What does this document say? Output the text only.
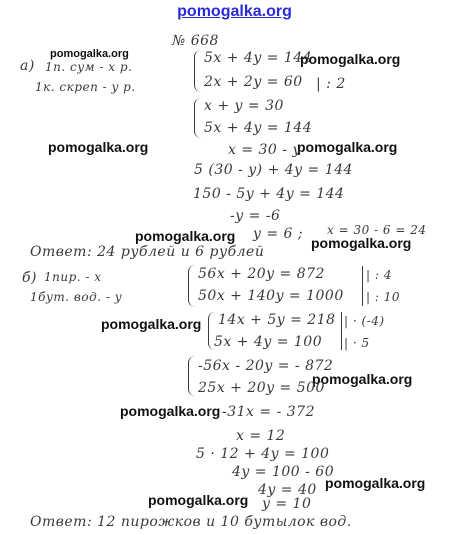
pomogalka.org
pomogalka.org	pomogalka.org
pomogalka.org	pomogalka.org
pomogalka.org	pomogalka.org
pomogalka.org
pomogalka.org
pomogalka.org
pomogalka.org
pomogalka.org
№ 668
а) 1п. сум - x р.
1к. скреп - y р.
5x + 4y = 144
2x + 2y = 60 | : 2
x + y = 30
5x + 4y = 144
x = 30 - y
5 (30 - y) + 4y = 144
150 - 5y + 4y = 144
-y = -6
y = 6 ; x = 30 - 6 = 24
Ответ: 24 рублей и 6 рублей
б) 1пир. - x
1бут. вод. - y
56x + 20y = 872
50x + 140y = 1000
| : 4
| : 10
14x + 5y = 218
5x + 4y = 100
| · (-4)
| · 5
-56x - 20y = - 872
25x + 20y = 500
-31x = - 372
x = 12
5 · 12 + 4y = 100
4y = 100 - 60
4y = 40
y = 10
Ответ: 12 пирожков и 10 бутылок вод.
